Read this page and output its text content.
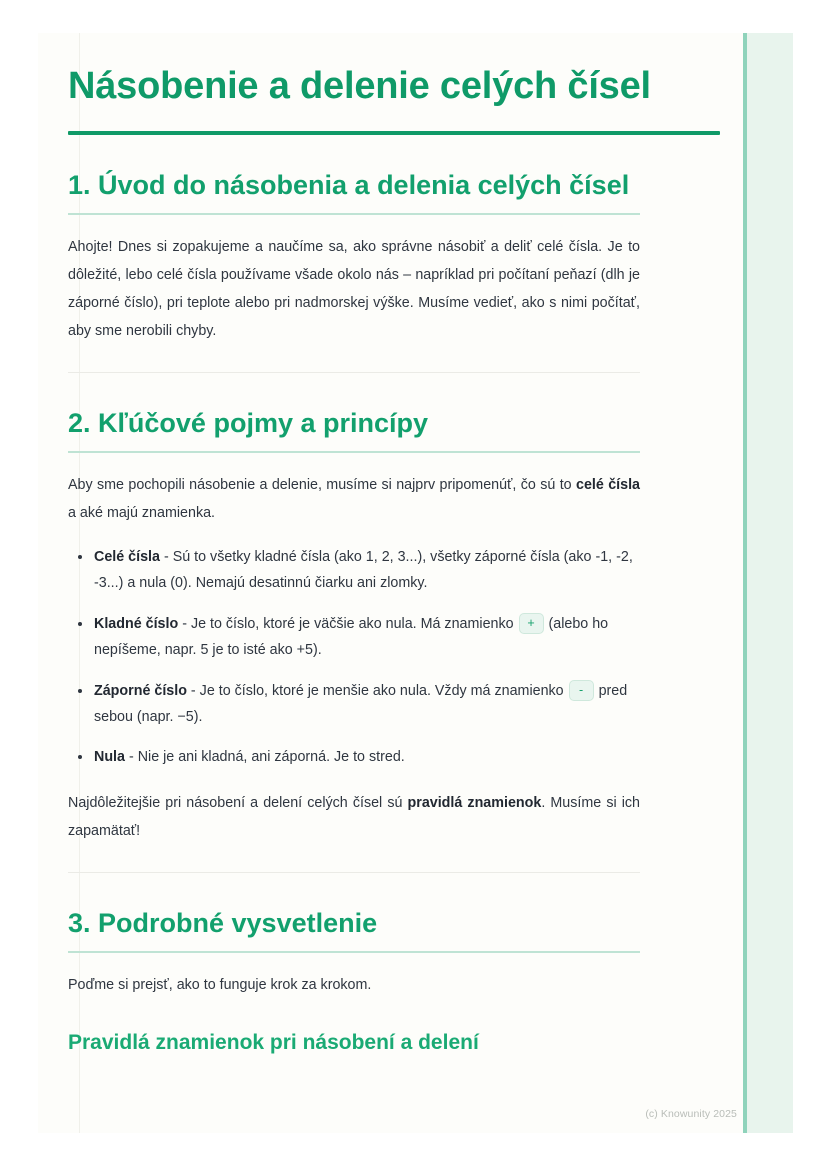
Násobenie a delenie celých čísel
1. Úvod do násobenia a delenia celých čísel

Ahojte! Dnes si zopakujeme a naučíme sa, ako správne násobiť a deliť celé čísla. Je to dôležité, lebo celé čísla používame všade okolo nás – napríklad pri počítaní peňazí (dlh je záporné číslo), pri teplote alebo pri nadmorskej výške. Musíme vedieť, ako s nimi počítať, aby sme nerobili chyby.

2. Kľúčové pojmy a princípy

Aby sme pochopili násobenie a delenie, musíme si najprv pripomenúť, čo sú to celé čísla a aké majú znamienka.

Celé čísla - Sú to všetky kladné čísla (ako 1, 2, 3...), všetky záporné čísla (ako -1, -2, -3...) a nula (0). Nemajú desatinnú čiarku ani zlomky.
Kladné číslo - Je to číslo, ktoré je väčšie ako nula. Má znamienko + (alebo ho nepíšeme, napr. 5 je to isté ako +5).
Záporné číslo - Je to číslo, ktoré je menšie ako nula. Vždy má znamienko - pred sebou (napr. −5).
Nula - Nie je ani kladná, ani záporná. Je to stred.

Najdôležitejšie pri násobení a delení celých čísel sú pravidlá znamienok. Musíme si ich zapamätať!

3. Podrobné vysvetlenie

Poďme si prejsť, ako to funguje krok za krokom.

Pravidlá znamienok pri násobení a delení
(c) Knowunity 2025
